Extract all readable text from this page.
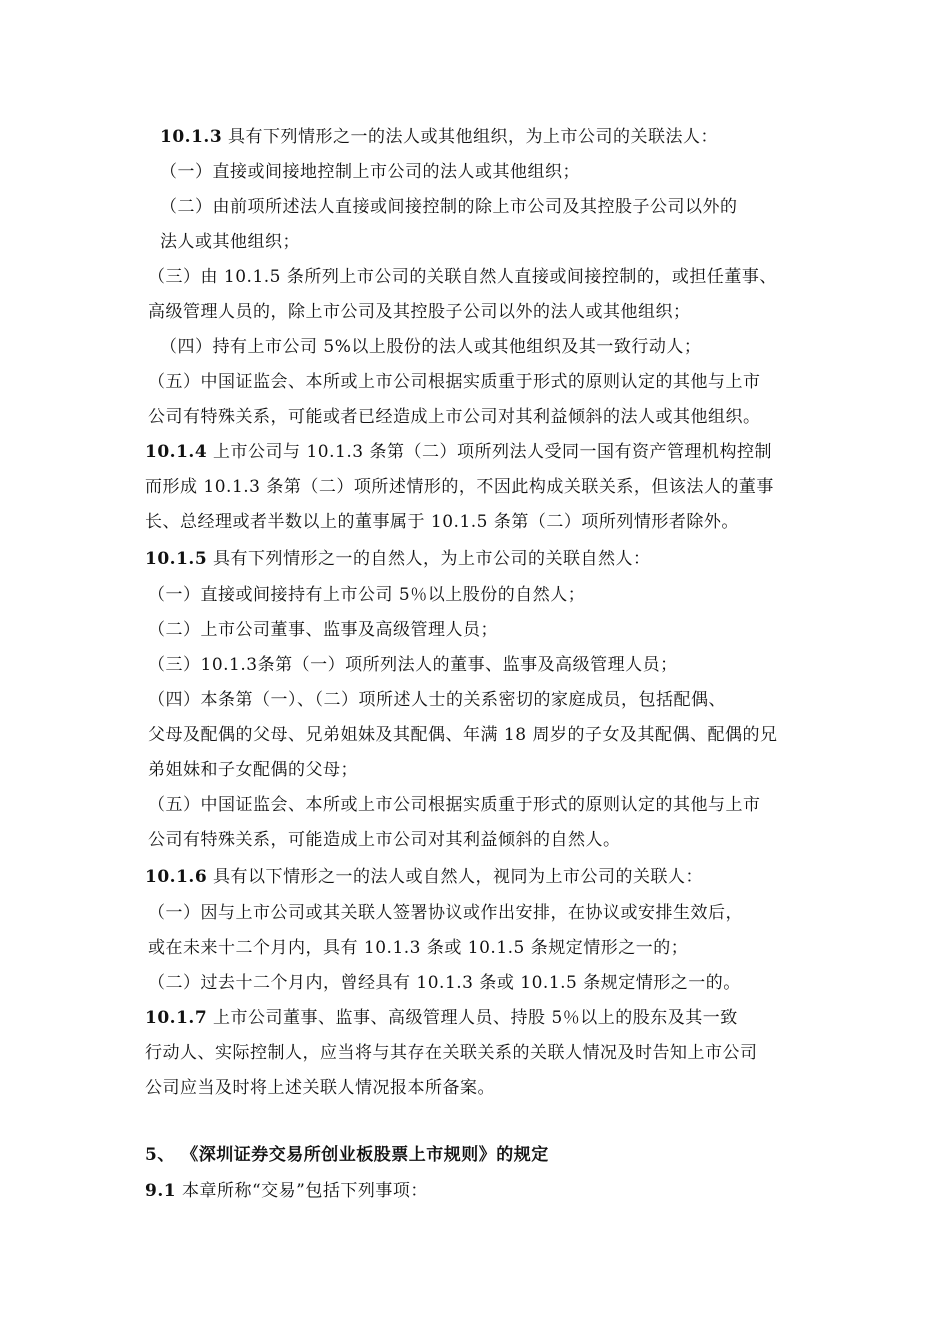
10.1.3 具有下列情形之一的法人或其他组织，为上市公司的关联法人：
（一）直接或间接地控制上市公司的法人或其他组织；
（二）由前项所述法人直接或间接控制的除上市公司及其控股子公司以外的
法人或其他组织；
（三）由 10.1.5 条所列上市公司的关联自然人直接或间接控制的，或担任董事、
高级管理人员的，除上市公司及其控股子公司以外的法人或其他组织；
（四）持有上市公司 5%以上股份的法人或其他组织及其一致行动人；
（五）中国证监会、本所或上市公司根据实质重于形式的原则认定的其他与上市
公司有特殊关系，可能或者已经造成上市公司对其利益倾斜的法人或其他组织。
10.1.4 上市公司与 10.1.3 条第（二）项所列法人受同一国有资产管理机构控制
而形成 10.1.3 条第（二）项所述情形的，不因此构成关联关系，但该法人的董事
长、总经理或者半数以上的董事属于 10.1.5 条第（二）项所列情形者除外。
10.1.5 具有下列情形之一的自然人，为上市公司的关联自然人：
（一）直接或间接持有上市公司 5％以上股份的自然人；
（二）上市公司董事、监事及高级管理人员；
（三）10.1.3条第（一）项所列法人的董事、监事及高级管理人员；
（四）本条第（一）、（二）项所述人士的关系密切的家庭成员，包括配偶、
父母及配偶的父母、兄弟姐妹及其配偶、年满 18 周岁的子女及其配偶、配偶的兄
弟姐妹和子女配偶的父母；
（五）中国证监会、本所或上市公司根据实质重于形式的原则认定的其他与上市
公司有特殊关系，可能造成上市公司对其利益倾斜的自然人。
10.1.6 具有以下情形之一的法人或自然人，视同为上市公司的关联人：
（一）因与上市公司或其关联人签署协议或作出安排，在协议或安排生效后，
或在未来十二个月内，具有 10.1.3 条或 10.1.5 条规定情形之一的；
（二）过去十二个月内，曾经具有 10.1.3 条或 10.1.5 条规定情形之一的。
10.1.7 上市公司董事、监事、高级管理人员、持股 5％以上的股东及其一致
行动人、实际控制人，应当将与其存在关联关系的关联人情况及时告知上市公司
公司应当及时将上述关联人情况报本所备案。
5、 《深圳证券交易所创业板股票上市规则》的规定
9.1 本章所称“交易”包括下列事项：
